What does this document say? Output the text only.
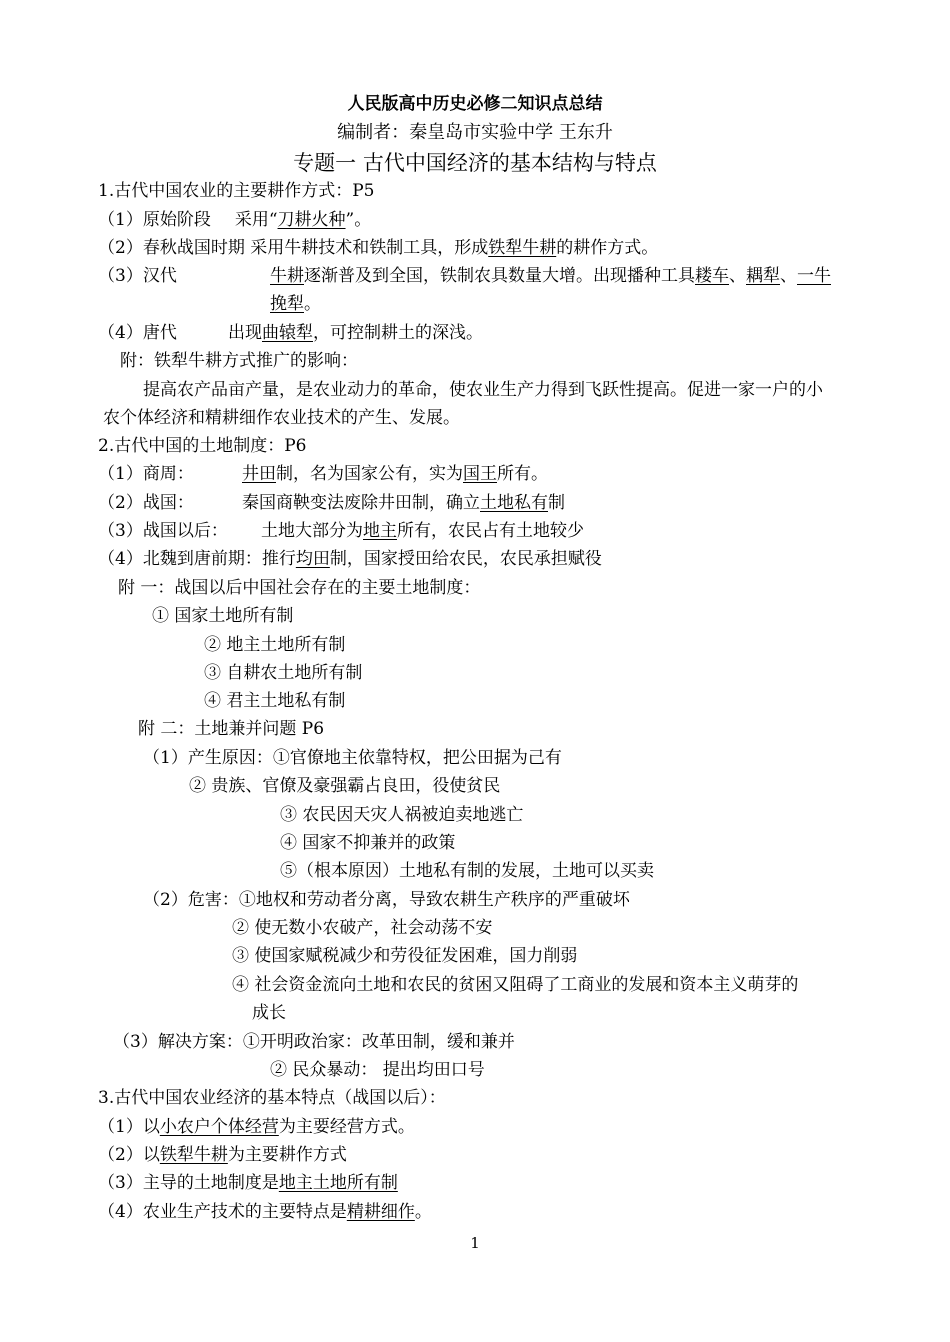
人民版高中历史必修二知识点总结
编制者：秦皇岛市实验中学 王东升
专题一 古代中国经济的基本结构与特点
1.古代中国农业的主要耕作方式：P5
（1）原始阶段 采用“刀耕火种”。
（2）春秋战国时期 采用牛耕技术和铁制工具，形成铁犁牛耕的耕作方式。
（3）汉代	牛耕逐渐普及到全国，铁制农具数量大增。出现播种工具耧车、耦犁、一牛
挽犁。
（4）唐代	出现曲辕犁，可控制耕土的深浅。
附：铁犁牛耕方式推广的影响：
提高农产品亩产量，是农业动力的革命，使农业生产力得到飞跃性提高。促进一家一户的小
农个体经济和精耕细作农业技术的产生、发展。
2.古代中国的土地制度：P6
（1）商周：	井田制，名为国家公有，实为国王所有。
（2）战国：	秦国商鞅变法废除井田制，确立土地私有制
（3）战国以后： 土地大部分为地主所有，农民占有土地较少
（4）北魏到唐前期：推行均田制，国家授田给农民，农民承担赋役
附 一：战国以后中国社会存在的主要土地制度：
① 国家土地所有制
② 地主土地所有制
③ 自耕农土地所有制
④ 君主土地私有制
附 二：土地兼并问题 P6
（1）产生原因：①官僚地主依靠特权，把公田据为己有
② 贵族、官僚及豪强霸占良田，役使贫民
③ 农民因天灾人祸被迫卖地逃亡
④ 国家不抑兼并的政策
⑤（根本原因）土地私有制的发展，土地可以买卖
（2）危害：①地权和劳动者分离，导致农耕生产秩序的严重破坏
② 使无数小农破产，社会动荡不安
③ 使国家赋税减少和劳役征发困难，国力削弱
④ 社会资金流向土地和农民的贫困又阻碍了工商业的发展和资本主义萌芽的
成长
（3）解决方案：①开明政治家：改革田制，缓和兼并
② 民众暴动： 提出均田口号
3.古代中国农业经济的基本特点（战国以后）：
（1）以小农户个体经营为主要经营方式。
（2）以铁犁牛耕为主要耕作方式
（3）主导的土地制度是地主土地所有制
（4）农业生产技术的主要特点是精耕细作。
1
